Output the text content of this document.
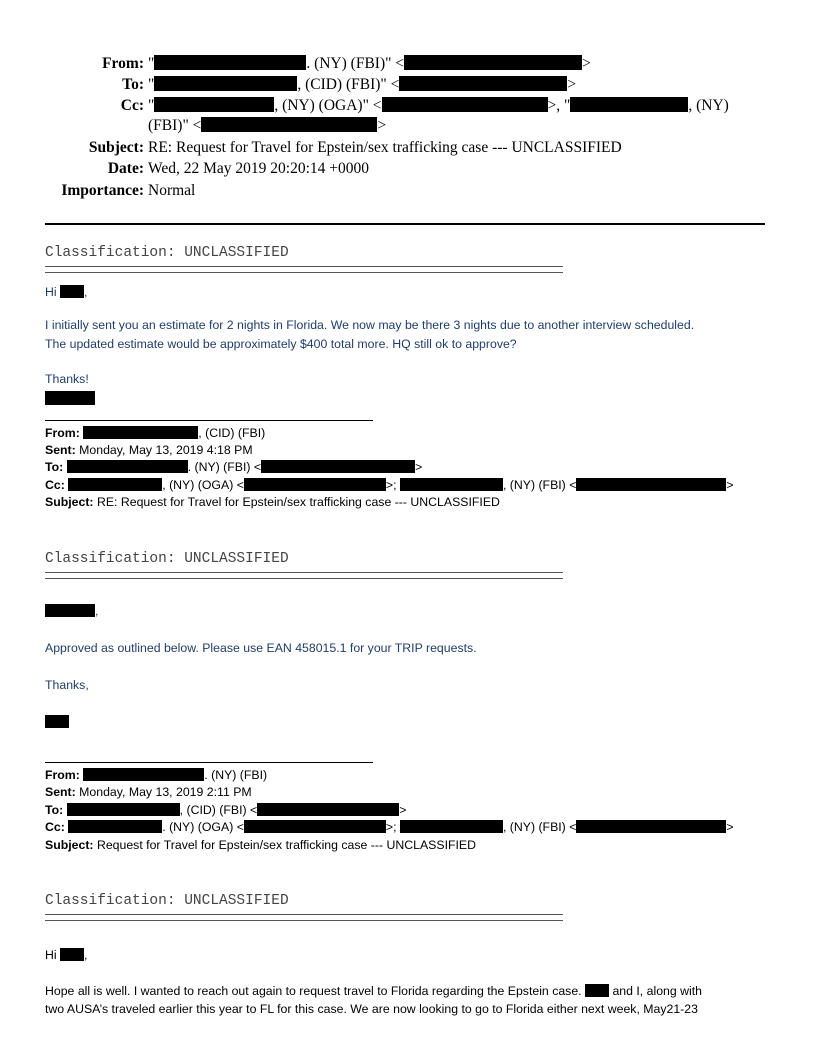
From: "	. (NY) (FBI)" <	>
To: "	, (CID) (FBI)" <	>
Cc: "	, (NY) (OGA)" <	>, "	, (NY)
(FBI)" <	>
Subject: RE: Request for Travel for Epstein/sex trafficking case --- UNCLASSIFIED
Date: Wed, 22 May 2019 20:20:14 +0000
Importance: Normal
Classification: UNCLASSIFIED
Hi ,
I initially sent you an estimate for 2 nights in Florida. We now may be there 3 nights due to another interview scheduled.
The updated estimate would be approximately $400 total more. HQ still ok to approve?
Thanks!
From:	, (CID) (FBI)
Sent: Monday, May 13, 2019 4:18 PM
To:	. (NY) (FBI) <	>
Cc:	, (NY) (OGA) <	>;	, (NY) (FBI) <	>
Subject: RE: Request for Travel for Epstein/sex trafficking case --- UNCLASSIFIED
Classification: UNCLASSIFIED
,
Approved as outlined below. Please use EAN 458015.1 for your TRIP requests.
Thanks,
From:	. (NY) (FBI)
Sent: Monday, May 13, 2019 2:11 PM
To:	, (CID) (FBI) <	>
Cc:	. (NY) (OGA) <	>;	, (NY) (FBI) <	>
Subject: Request for Travel for Epstein/sex trafficking case --- UNCLASSIFIED
Classification: UNCLASSIFIED
Hi ,
Hope all is well. I wanted to reach out again to request travel to Florida regarding the Epstein case.	and I, along with
two AUSA’s traveled earlier this year to FL for this case. We are now looking to go to Florida either next week, May21-23
